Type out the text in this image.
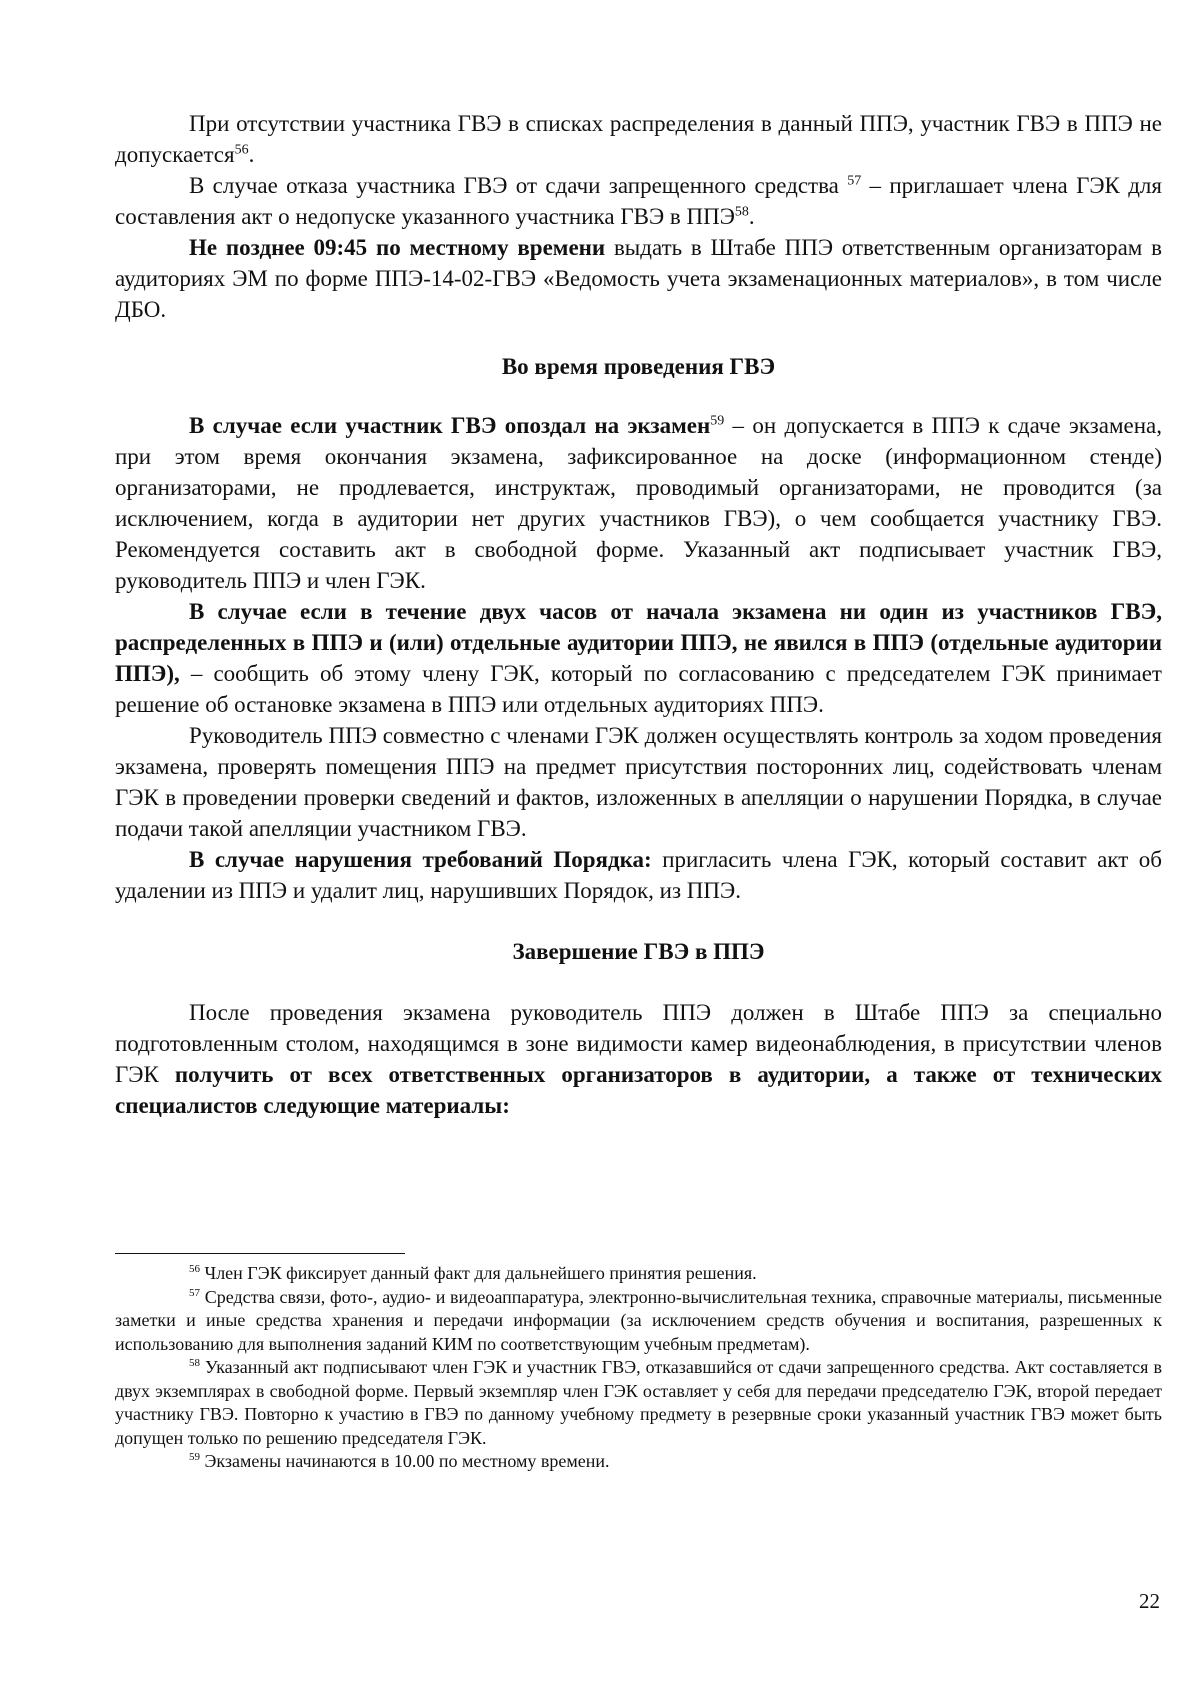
При отсутствии участника ГВЭ в списках распределения в данный ППЭ, участник ГВЭ в ППЭ не допускается$^{56}$.

В случае отказа участника ГВЭ от сдачи запрещенного средства $^{57}$ – приглашает члена ГЭК для составления акт о недопуске указанного участника ГВЭ в ППЭ$^{58}$.

Не позднее 09:45 по местному времени выдать в Штабе ППЭ ответственным организаторам в аудиториях ЭМ по форме ППЭ-14-02-ГВЭ «Ведомость учета экзаменационных материалов», в том числе ДБО.

Во время проведения ГВЭ

В случае если участник ГВЭ опоздал на экзамен$^{59}$ – он допускается в ППЭ к сдаче экзамена, при этом время окончания экзамена, зафиксированное на доске (информационном стенде) организаторами, не продлевается, инструктаж, проводимый организаторами, не проводится (за исключением, когда в аудитории нет других участников ГВЭ), о чем сообщается участнику ГВЭ. Рекомендуется составить акт в свободной форме. Указанный акт подписывает участник ГВЭ, руководитель ППЭ и член ГЭК.

В случае если в течение двух часов от начала экзамена ни один из участников ГВЭ, распределенных в ППЭ и (или) отдельные аудитории ППЭ, не явился в ППЭ (отдельные аудитории ППЭ), – сообщить об этому члену ГЭК, который по согласованию с председателем ГЭК принимает решение об остановке экзамена в ППЭ или отдельных аудиториях ППЭ.

Руководитель ППЭ совместно с членами ГЭК должен осуществлять контроль за ходом проведения экзамена, проверять помещения ППЭ на предмет присутствия посторонних лиц, содействовать членам ГЭК в проведении проверки сведений и фактов, изложенных в апелляции о нарушении Порядка, в случае подачи такой апелляции участником ГВЭ.

В случае нарушения требований Порядка: пригласить члена ГЭК, который составит акт об удалении из ППЭ и удалит лиц, нарушивших Порядок, из ППЭ.

Завершение ГВЭ в ППЭ

После проведения экзамена руководитель ППЭ должен в Штабе ППЭ за специально подготовленным столом, находящимся в зоне видимости камер видеонаблюдения, в присутствии членов ГЭК получить от всех ответственных организаторов в аудитории, а также от технических специалистов следующие материалы:

$^{56}$ Член ГЭК фиксирует данный факт для дальнейшего принятия решения.

$^{57}$ Средства связи, фото-, аудио- и видеоаппаратура, электронно-вычислительная техника, справочные материалы, письменные заметки и иные средства хранения и передачи информации (за исключением средств обучения и воспитания, разрешенных к использованию для выполнения заданий КИМ по соответствующим учебным предметам).

$^{58}$ Указанный акт подписывают член ГЭК и участник ГВЭ, отказавшийся от сдачи запрещенного средства. Акт составляется в двух экземплярах в свободной форме. Первый экземпляр член ГЭК оставляет у себя для передачи председателю ГЭК, второй передает участнику ГВЭ. Повторно к участию в ГВЭ по данному учебному предмету в резервные сроки указанный участник ГВЭ может быть допущен только по решению председателя ГЭК.

$^{59}$ Экзамены начинаются в 10.00 по местному времени.

22
